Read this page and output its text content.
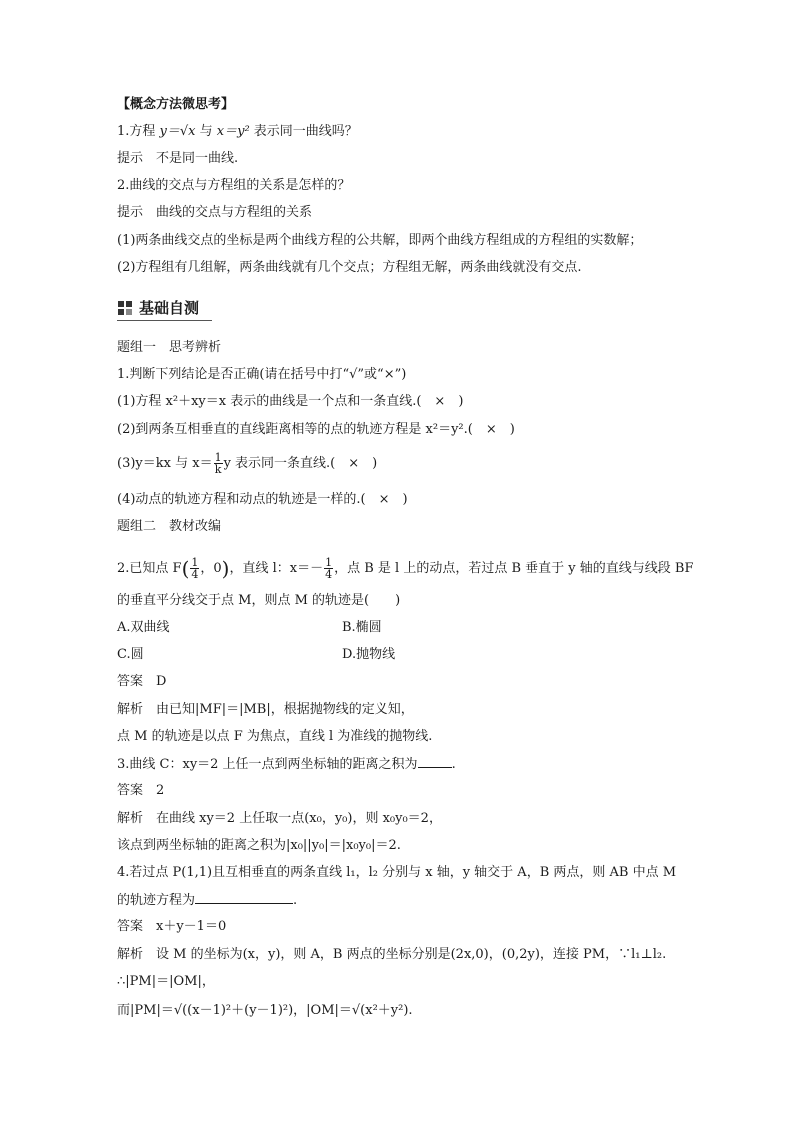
【概念方法微思考】
1.方程 y＝√x 与 x＝y² 表示同一曲线吗？
提示　不是同一曲线.
2.曲线的交点与方程组的关系是怎样的？
提示　曲线的交点与方程组的关系
(1)两条曲线交点的坐标是两个曲线方程的公共解，即两个曲线方程组成的方程组的实数解；
(2)方程组有几组解，两条曲线就有几个交点；方程组无解，两条曲线就没有交点.
基础自测
题组一　思考辨析
1.判断下列结论是否正确(请在括号中打“√”或“×”)
(1)方程 x²＋xy＝x 表示的曲线是一个点和一条直线.(　×　)
(2)到两条互相垂直的直线距离相等的点的轨迹方程是 x²＝y².(　×　)
(3)y＝kx 与 $x= \frac{1}{k}$ y 表示同一条直线.(　×　)
(4)动点的轨迹方程和动点的轨迹是一样的.(　×　)
题组二　教材改编
2.已知点 $F( \frac{1}{4}$ ，0)，直线 l：$x=- \frac{1}{4}$ ，点 B 是 l 上的动点，若过点 B 垂直于 y 轴的直线与线段 BF
的垂直平分线交于点 M，则点 M 的轨迹是(　　)
A.双曲线	B.椭圆
C.圆	D.抛物线
答案　D
解析　由已知|MF|＝|MB|，根据抛物线的定义知，
点 M 的轨迹是以点 F 为焦点，直线 l 为准线的抛物线.
3.曲线 C：xy＝2 上任一点到两坐标轴的距离之积为	.
答案　2
解析　在曲线 xy＝2 上任取一点(x₀，y₀)，则 x₀y₀＝2，
该点到两坐标轴的距离之积为|x₀||y₀|＝|x₀y₀|＝2.
4.若过点 P(1,1)且互相垂直的两条直线 l₁，l₂ 分别与 x 轴，y 轴交于 A，B 两点，则 AB 中点 M
的轨迹方程为	.
答案　x＋y－1＝0
解析　设 M 的坐标为(x，y)，则 A，B 两点的坐标分别是(2x,0)，(0,2y)，连接 PM，∵l₁⊥l₂.
∴|PM|＝|OM|，
而|PM|＝√((x－1)²＋(y－1)²)，|OM|＝√(x²＋y²).
